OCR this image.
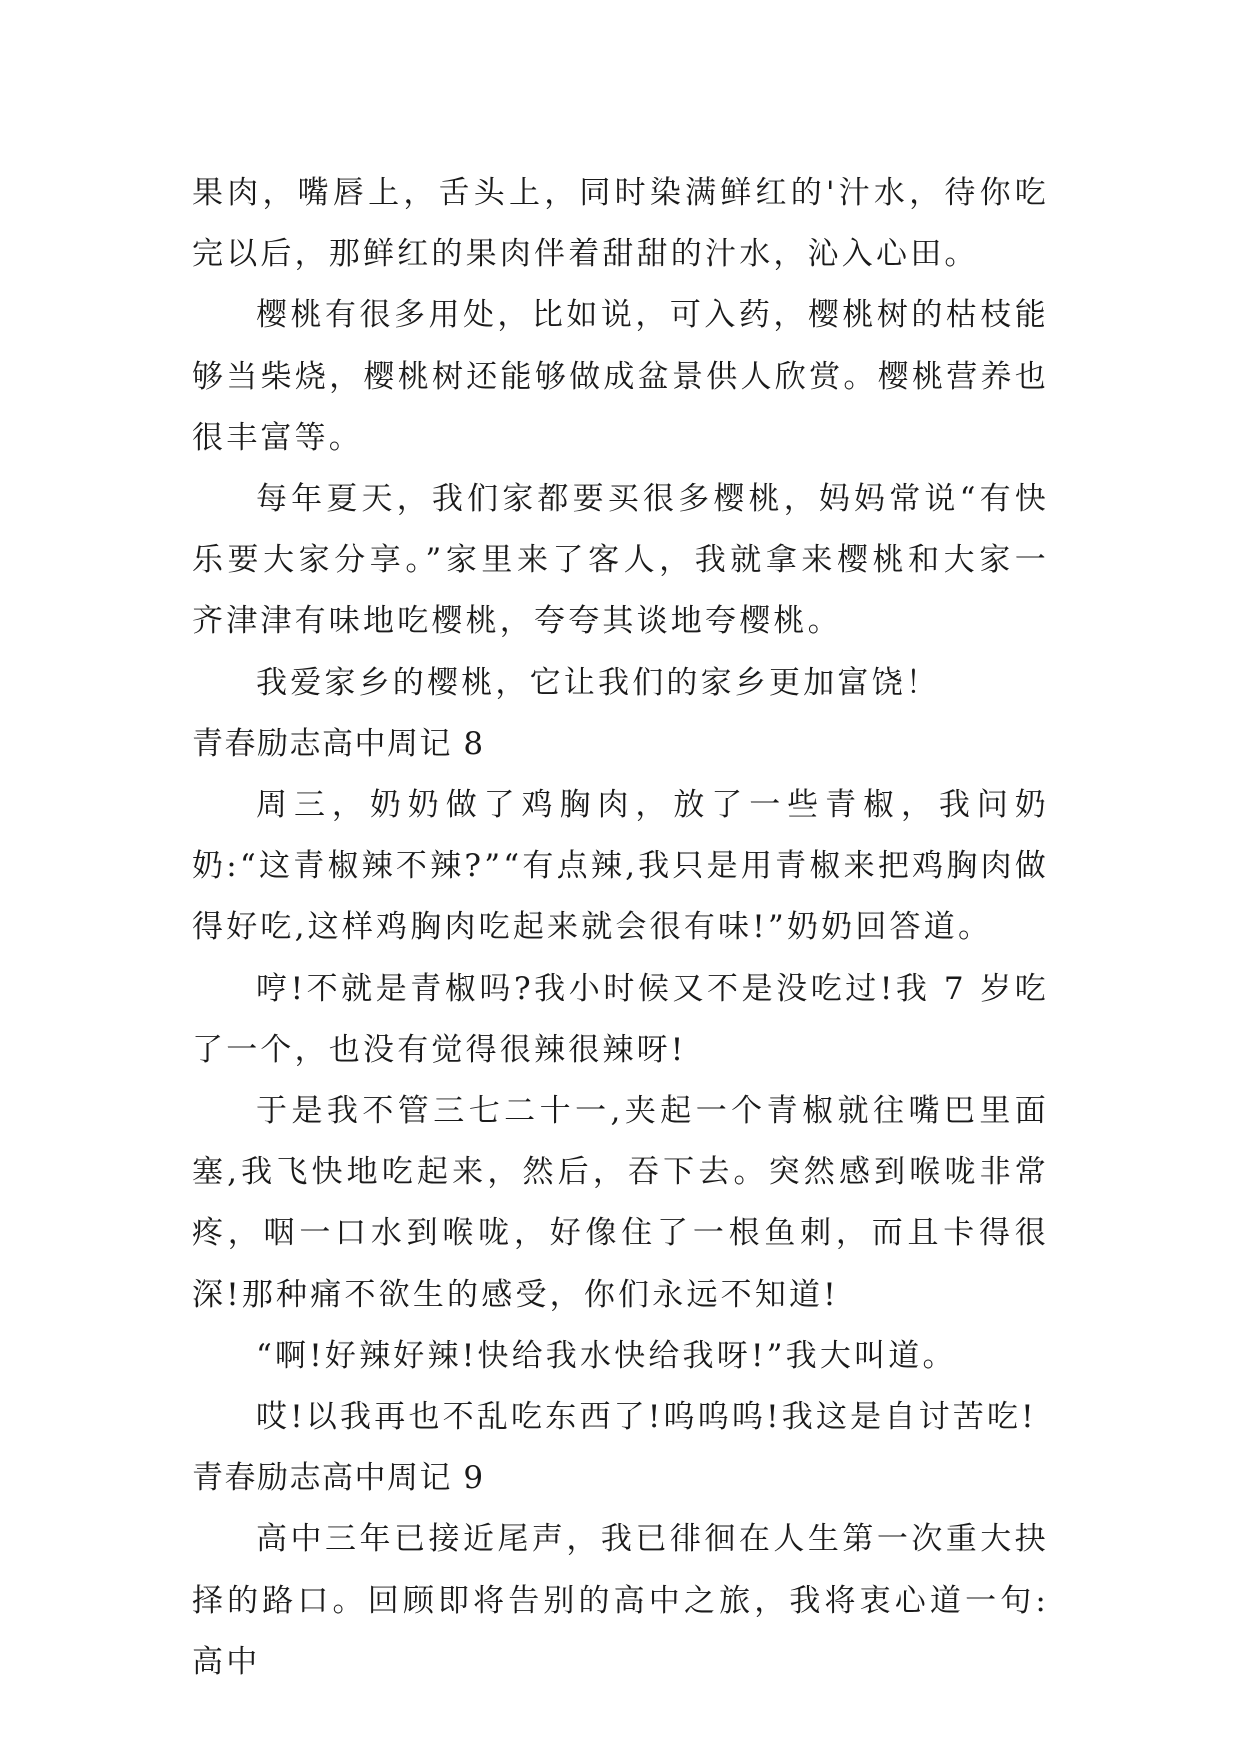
果肉，嘴唇上，舌头上，同时染满鲜红的'汁水，待你吃完以后，那鲜红的果肉伴着甜甜的汁水，沁入心田。

樱桃有很多用处，比如说，可入药，樱桃树的枯枝能够当柴烧，樱桃树还能够做成盆景供人欣赏。樱桃营养也很丰富等。

每年夏天，我们家都要买很多樱桃，妈妈常说“有快乐要大家分享。”家里来了客人，我就拿来樱桃和大家一齐津津有味地吃樱桃，夸夸其谈地夸樱桃。

我爱家乡的樱桃，它让我们的家乡更加富饶！

青春励志高中周记 8

周三，奶奶做了鸡胸肉，放了一些青椒，我问奶奶:“这青椒辣不辣?”“有点辣,我只是用青椒来把鸡胸肉做得好吃,这样鸡胸肉吃起来就会很有味!”奶奶回答道。

哼!不就是青椒吗?我小时候又不是没吃过!我 7 岁吃了一个，也没有觉得很辣很辣呀!

于是我不管三七二十一,夹起一个青椒就往嘴巴里面塞,我飞快地吃起来，然后，吞下去。突然感到喉咙非常疼，咽一口水到喉咙，好像住了一根鱼刺，而且卡得很深!那种痛不欲生的感受，你们永远不知道!

“啊!好辣好辣!快给我水快给我呀!”我大叫道。

哎!以我再也不乱吃东西了!呜呜呜!我这是自讨苦吃!

青春励志高中周记 9

高中三年已接近尾声，我已徘徊在人生第一次重大抉择的路口。回顾即将告别的高中之旅，我将衷心道一句:高中
